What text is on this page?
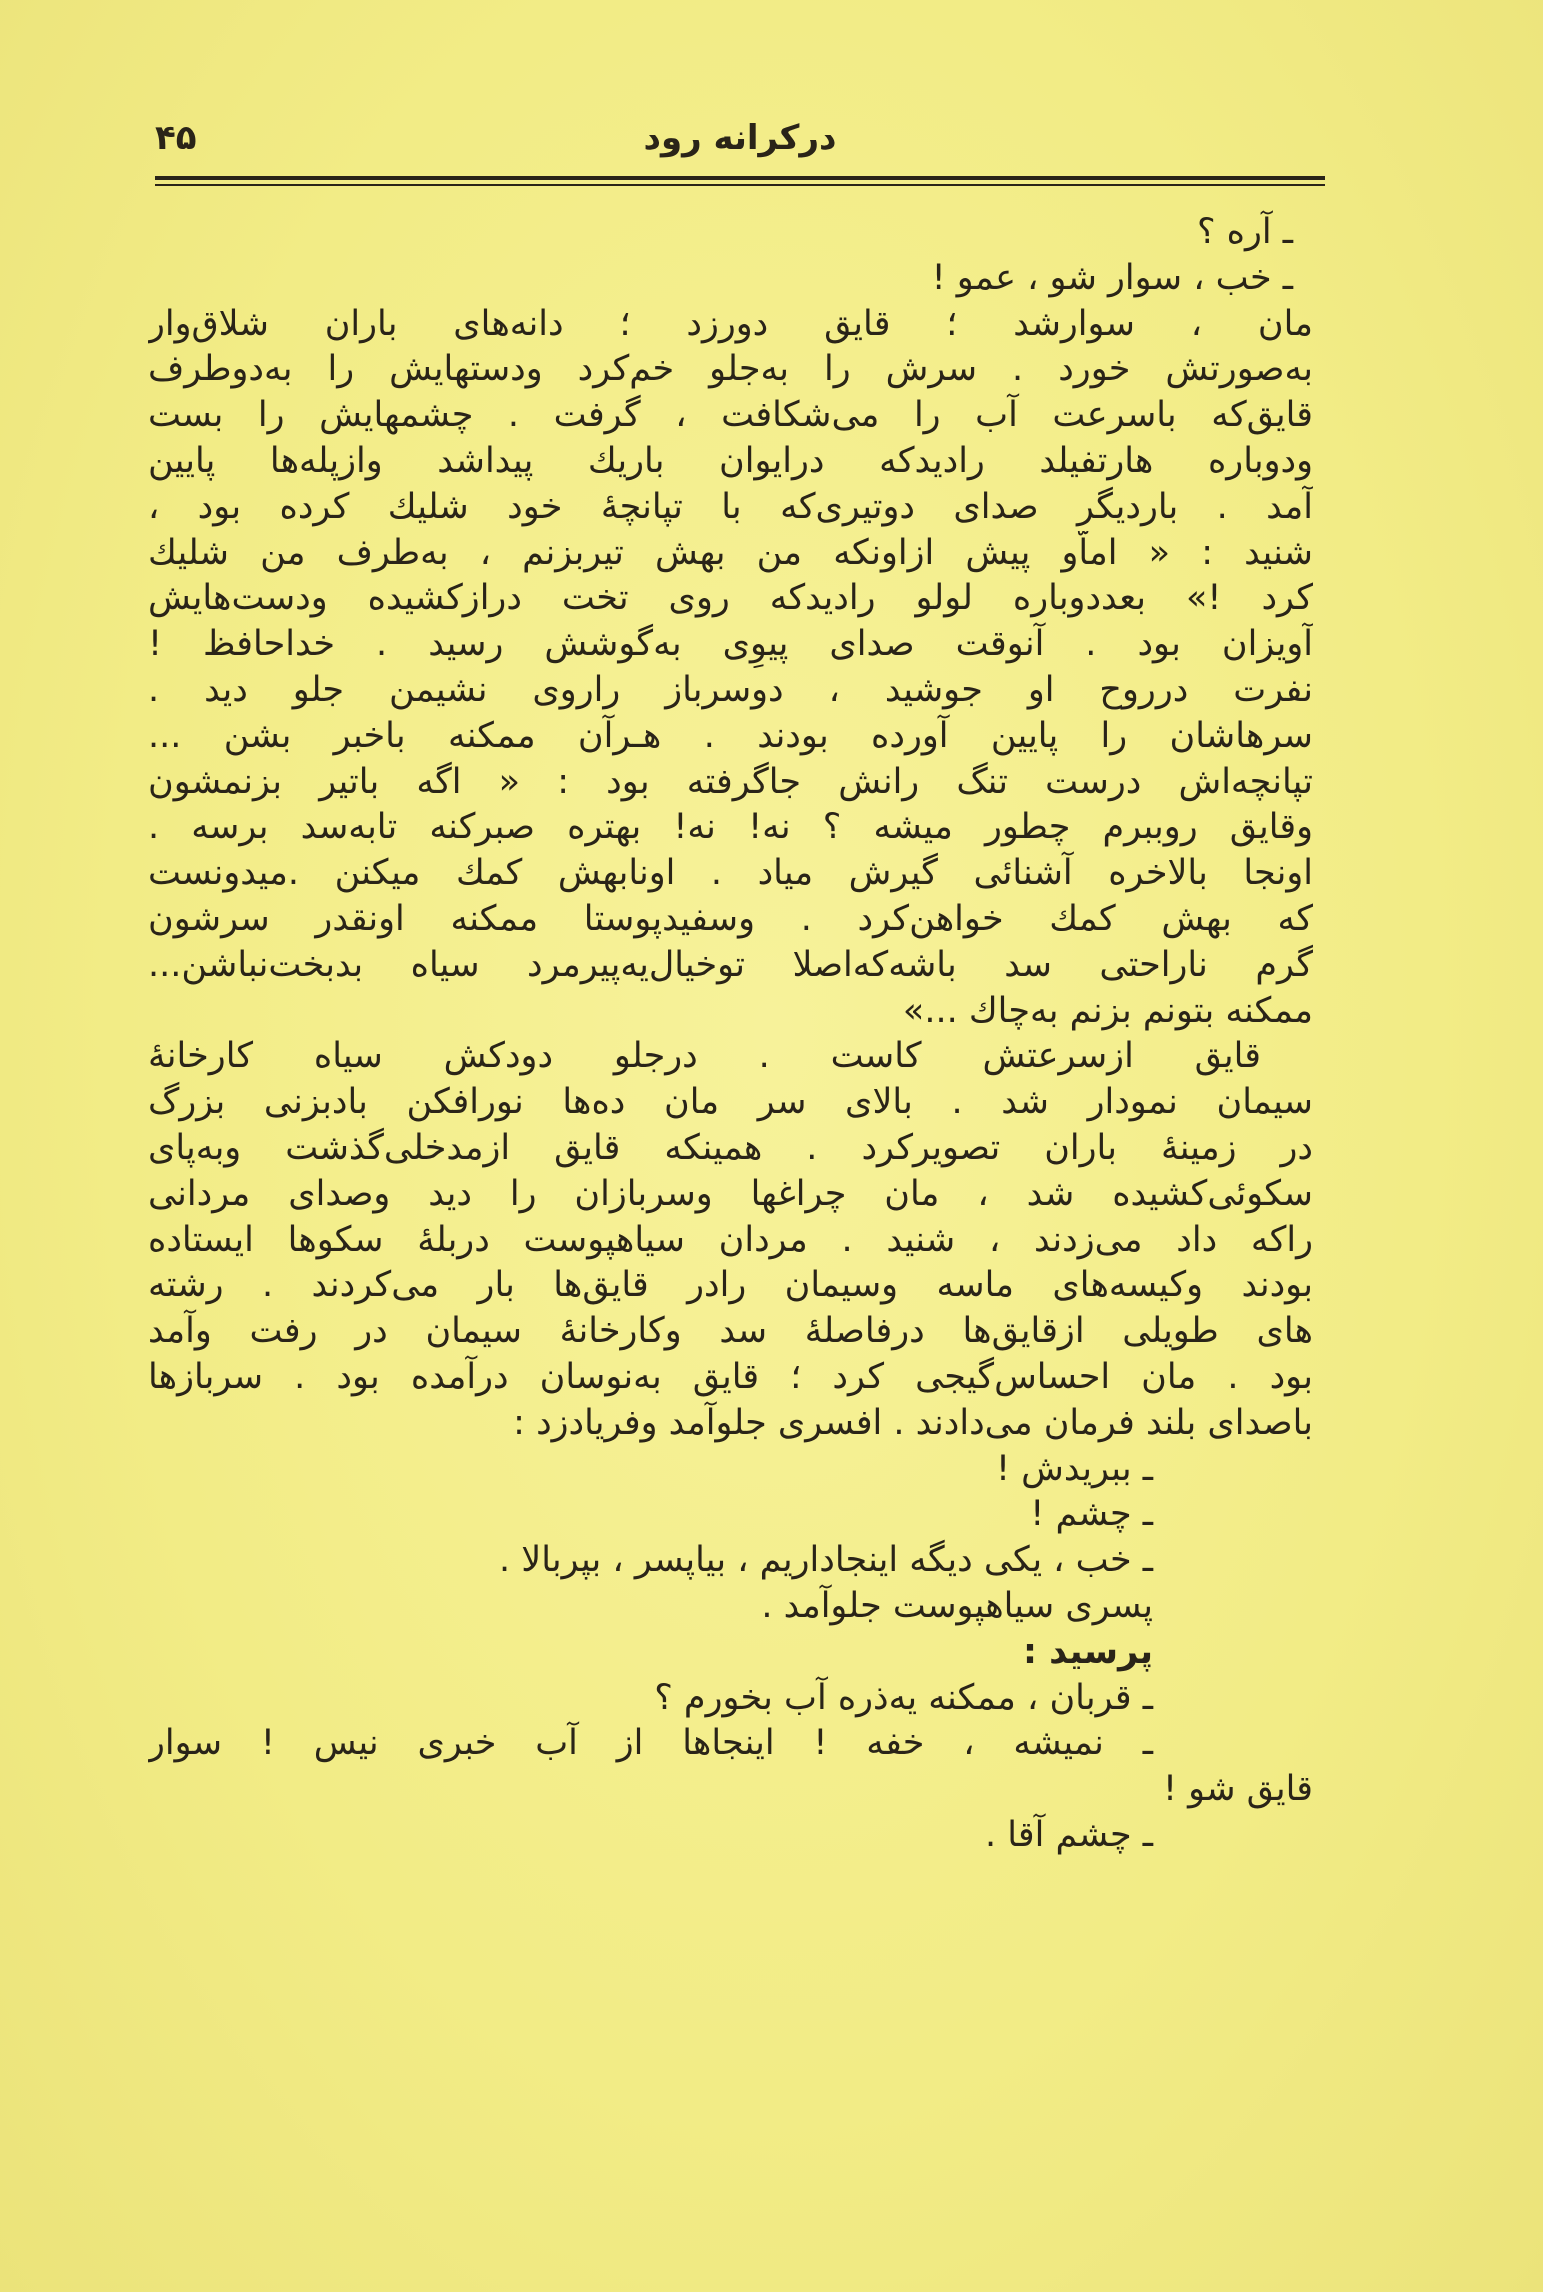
درکرانه رود
۴۵
ـ آره ؟
ـ خب ، سوار شو ، عمو !
مان ، سوارشد ؛ قایق دورزد ؛ دانه‌های باران شلاق‌وار
به‌صورتش خورد . سرش را به‌جلو خم‌کرد ودستهایش را به‌دوطرف
قایق‌که باسرعت آب را می‌شکافت ، گرفت . چشمهایش را بست
ودوباره هارتفیلد رادیدکه درایوان باریك پیداشد وازپله‌ها پایین
آمد . باردیگر صدای دوتیری‌که با تپانچهٔ خود شلیك کرده بود ،
شنید : « اماّو پیش ازاونکه من بهش تیربزنم ، به‌طرف من شلیك
کرد !» بعددوباره لولو رادیدکه روی تخت درازکشیده ودست‌هایش
آویزان بود . آنوقت صدای پیوِی به‌گوشش رسید . خداحافظ !
نفرت درروح او جوشید ، دوسرباز راروی نشیمن جلو دید .
سرهاشان را پایین آورده بودند . هـرآن ممکنه باخبر بشن ...
تپانچه‌اش درست تنگ رانش جاگرفته بود : « اگه باتیر بزنمشون
وقایق روببرم چطور میشه ؟ نه! نه! بهتره صبرکنه تابه‌سد برسه .
اونجا بالاخره آشنائی گیرش میاد . اونابهش کمك میکنن .میدونست
که بهش کمك خواهن‌کرد . وسفیدپوستا ممکنه اونقدر سرشون
گرم ناراحتی سد باشه‌که‌اصلا توخیال‌یه‌پیرمرد سیاه بدبخت‌نباشن...
ممکنه بتونم بزنم به‌چاك ...»
قایق ازسرعتش کاست . درجلو دودکش سیاه کارخانهٔ
سیمان نمودار شد . بالای سر مان ده‌ها نورافکن بادبزنی بزرگ
در زمینهٔ باران تصویرکرد . همینکه قایق ازمدخلی‌گذشت وبه‌پای
سکوئی‌کشیده شد ، مان چراغها وسربازان را دید وصدای مردانی
راکه داد می‌زدند ، شنید . مردان سیاهپوست دربلهٔ سکوها ایستاده
بودند وکیسه‌های ماسه وسیمان رادر قایق‌ها بار می‌کردند . رشته
های طویلی ازقایق‌ها درفاصلهٔ سد وکارخانهٔ سیمان در رفت وآمد
بود . مان احساس‌گیجی کرد ؛ قایق به‌نوسان درآمده بود . سربازها
باصدای بلند فرمان می‌دادند . افسری جلوآمد وفریادزد :
ـ ببریدش !
ـ چشم !
ـ خب ، یکی دیگه اینجاداریم ، بیاپسر ، بپربالا .
پسری سیاهپوست جلوآمد .
پرسید :
ـ قربان ، ممکنه یه‌ذره آب بخورم ؟
ـ نمیشه ، خفه ! اینجاها از آب خبری نیس ! سوار
قایق شو !
ـ چشم آقا .
